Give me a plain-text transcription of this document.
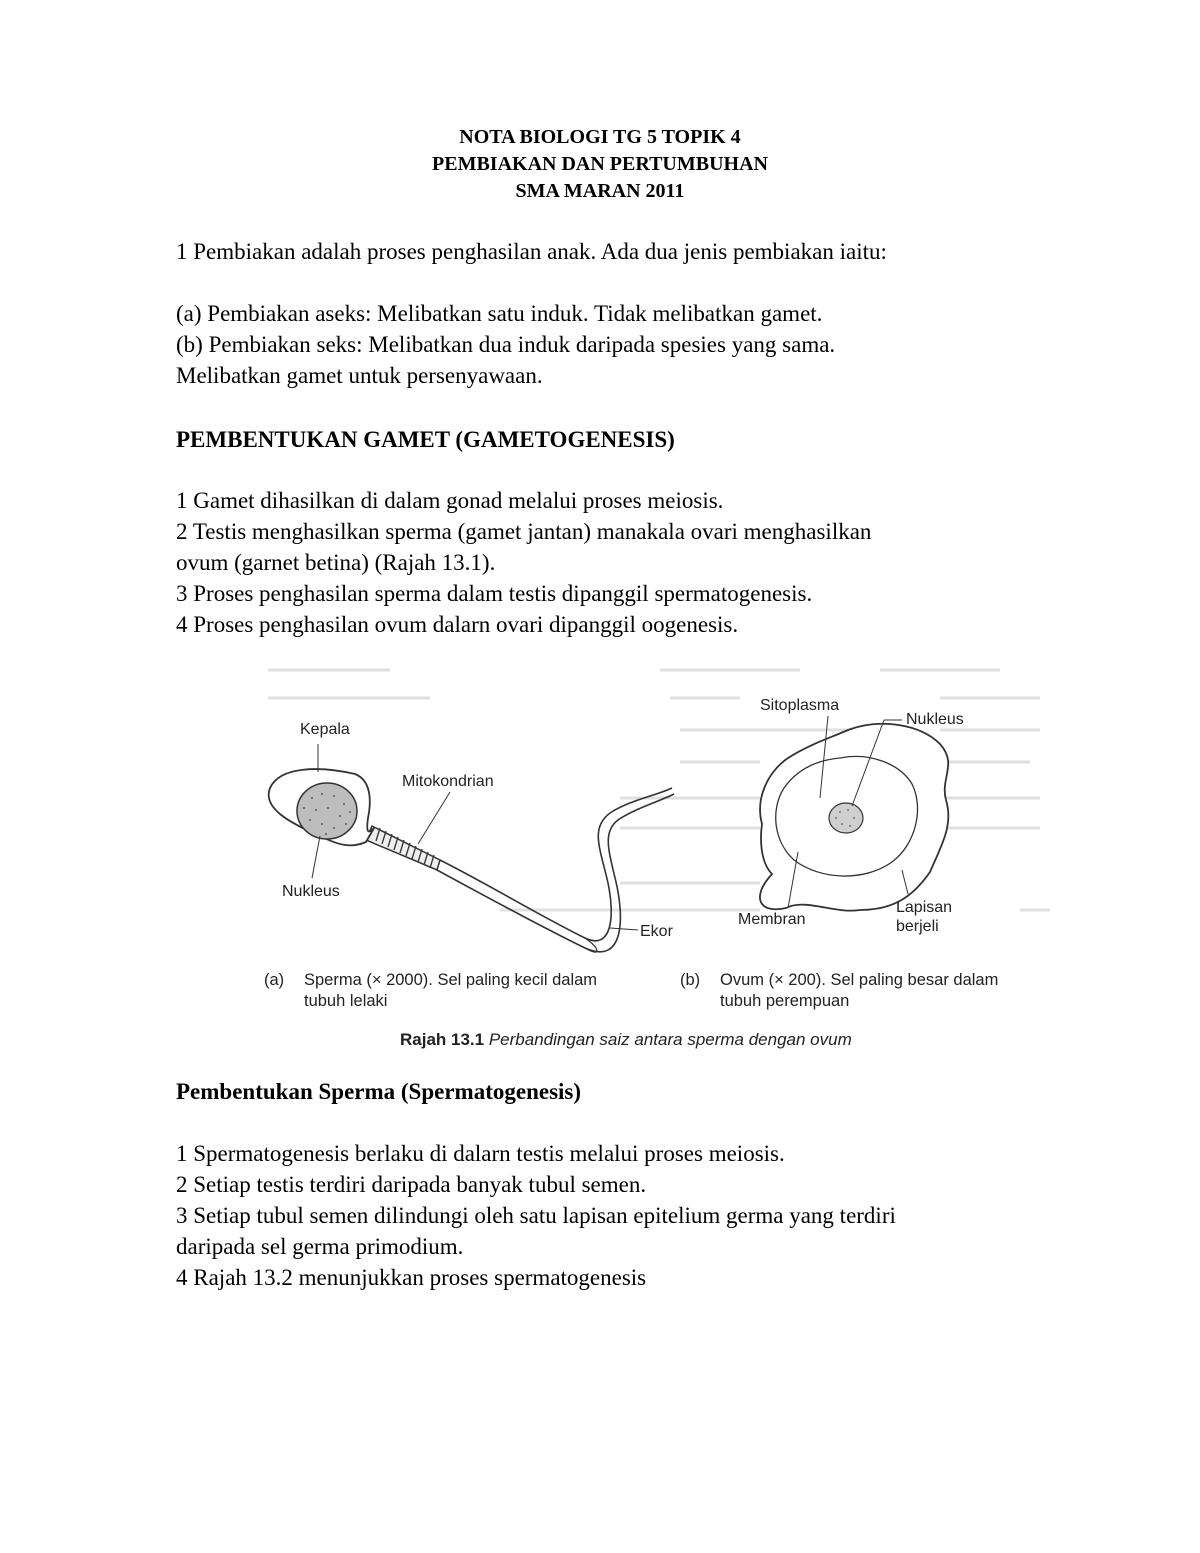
NOTA BIOLOGI TG 5 TOPIK 4
PEMBIAKAN DAN PERTUMBUHAN
SMA MARAN 2011

1 Pembiakan adalah proses penghasilan anak. Ada dua jenis pembiakan iaitu:

(a) Pembiakan aseks: Melibatkan satu induk. Tidak melibatkan gamet.

(b) Pembiakan seks: Melibatkan dua induk daripada spesies yang sama.

Melibatkan gamet untuk persenyawaan.

PEMBENTUKAN GAMET (GAMETOGENESIS)

1 Gamet dihasilkan di dalam gonad melalui proses meiosis.

2 Testis menghasilkan sperma (gamet jantan) manakala ovari menghasilkan

ovum (garnet betina) (Rajah 13.1).

3 Proses penghasilan sperma dalam testis dipanggil spermatogenesis.

4 Proses penghasilan ovum dalarn ovari dipanggil oogenesis.

Kepala
Mitokondrian
Nukleus
Ekor
Sitoplasma
Nukleus
Membran
Lapisan
berjeli
(a) Sperma (× 2000). Sel paling kecil dalam
tubuh lelaki
(b) Ovum (× 200). Sel paling besar dalam
tubuh perempuan
Rajah 13.1 Perbandingan saiz antara sperma dengan ovum
Pembentukan Sperma (Spermatogenesis)

1 Spermatogenesis berlaku di dalarn testis melalui proses meiosis.

2 Setiap testis terdiri daripada banyak tubul semen.

3 Setiap tubul semen dilindungi oleh satu lapisan epitelium germa yang terdiri

daripada sel germa primodium.

4 Rajah 13.2 menunjukkan proses spermatogenesis
